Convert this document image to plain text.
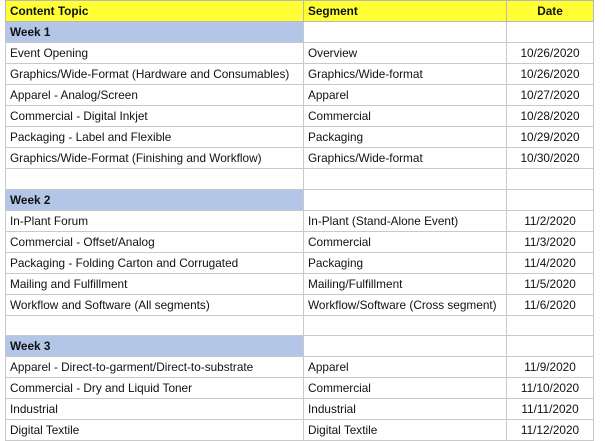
Content Topic	Segment	Date
Week 1		
Event Opening	Overview	10/26/2020
Graphics/Wide-Format (Hardware and Consumables)	Graphics/Wide-format	10/26/2020
Apparel - Analog/Screen	Apparel	10/27/2020
Commercial - Digital Inkjet	Commercial	10/28/2020
Packaging - Label and Flexible	Packaging	10/29/2020
Graphics/Wide-Format (Finishing and Workflow)	Graphics/Wide-format	10/30/2020

Week 2		
In-Plant Forum	In-Plant (Stand-Alone Event)	11/2/2020
Commercial - Offset/Analog	Commercial	11/3/2020
Packaging - Folding Carton and Corrugated	Packaging	11/4/2020
Mailing and Fulfillment	Mailing/Fulfillment	11/5/2020
Workflow and Software (All segments)	Workflow/Software (Cross segment)	11/6/2020

Week 3		
Apparel - Direct-to-garment/Direct-to-substrate	Apparel	11/9/2020
Commercial - Dry and Liquid Toner	Commercial	11/10/2020
Industrial	Industrial	11/11/2020
Digital Textile	Digital Textile	11/12/2020
